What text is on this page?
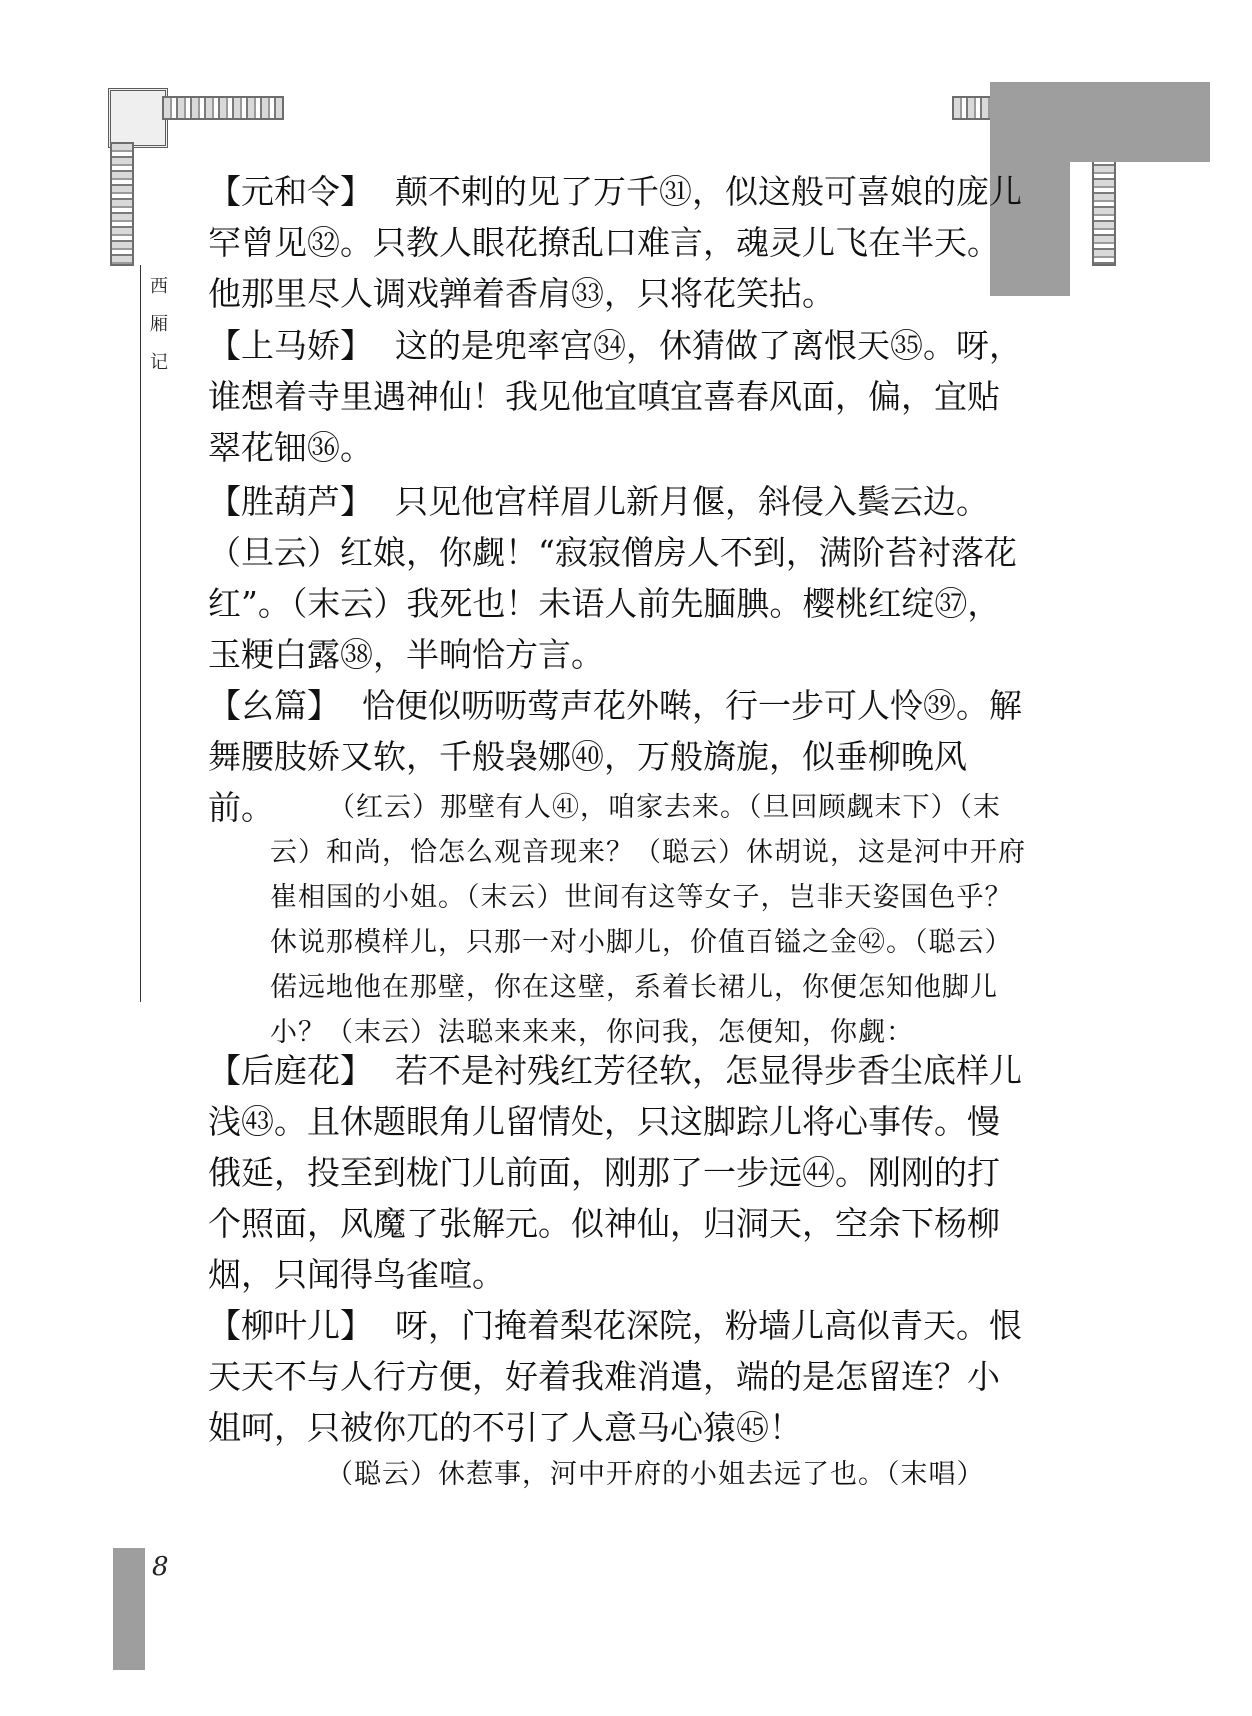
西
厢
记

【元和令】 颠不剌的见了万千㉛，似这般可喜娘的庞儿罕曾见㉜。只教人眼花撩乱口难言，魂灵儿飞在半天。他那里尽人调戏亸着香肩㉝，只将花笑拈。

【上马娇】 这的是兜率宫㉞，休猜做了离恨天㉟。呀，谁想着寺里遇神仙！我见他宜嗔宜喜春风面，偏，宜贴翠花钿㊱。

【胜葫芦】 只见他宫样眉儿新月偃，斜侵入鬓云边。（旦云）红娘，你觑！“寂寂僧房人不到，满阶苔衬落花红”。（末云）我死也！未语人前先腼腆。樱桃红绽㊲，玉粳白露㊳，半晌恰方言。

【幺篇】 恰便似呖呖莺声花外啭，行一步可人怜㊴。解舞腰肢娇又软，千般袅娜㊵，万般旖旎，似垂柳晚风前。	（红云）那壁有人㊶，咱家去来。（旦回顾觑末下）（末云）和尚，恰怎么观音现来？（聪云）休胡说，这是河中开府崔相国的小姐。（末云）世间有这等女子，岂非天姿国色乎？休说那模样儿，只那一对小脚儿，价值百镒之金㊷。（聪云）偌远地他在那壁，你在这壁，系着长裙儿，你便怎知他脚儿小？（末云）法聪来来来，你问我，怎便知，你觑：

【后庭花】 若不是衬残红芳径软，怎显得步香尘底样儿浅㊸。且休题眼角儿留情处，只这脚踪儿将心事传。慢俄延，投至到栊门儿前面，刚那了一步远㊹。刚刚的打个照面，风魔了张解元。似神仙，归洞天，空余下杨柳烟，只闻得鸟雀喧。

【柳叶儿】 呀，门掩着梨花深院，粉墙儿高似青天。恨天天不与人行方便，好着我难消遣，端的是怎留连？小姐呵，只被你兀的不引了人意马心猿㊺！

（聪云）休惹事，河中开府的小姐去远了也。（末唱）

8
